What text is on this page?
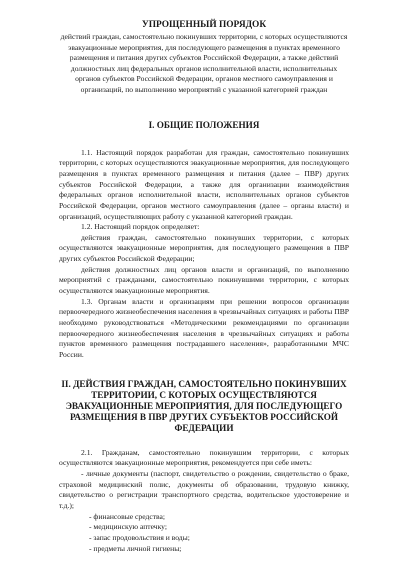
УПРОЩЕННЫЙ ПОРЯДОК

действий граждан, самостоятельно покинувших территории, с которых осуществляются эвакуационные мероприятия, для последующего размещения в пунктах временного размещения и питания других субъектов Российской Федерации, а также действий должностных лиц федеральных органов исполнительной власти, исполнительных органов субъектов Российской Федерации, органов местного самоуправления и организаций, по выполнению мероприятий с указанной категорией граждан

I. ОБЩИЕ ПОЛОЖЕНИЯ

1.1. Настоящий порядок разработан для граждан, самостоятельно покинувших территории, с которых осуществляются эвакуационные мероприятия, для последующего размещения в пунктах временного размещения и питания (далее – ПВР) других субъектов Российской Федерации, а также для организации взаимодействия федеральных органов исполнительной власти, исполнительных органов субъектов Российской Федерации, органов местного самоуправления (далее – органы власти) и организаций, осуществляющих работу с указанной категорией граждан.

1.2. Настоящий порядок определяет:

действия граждан, самостоятельно покинувших территории, с которых осуществляются эвакуационные мероприятия, для последующего размещения в ПВР других субъектов Российской Федерации;

действия должностных лиц органов власти и организаций, по выполнению мероприятий с гражданами, самостоятельно покинувшими территории, с которых осуществляются эвакуационные мероприятия.

1.3. Органам власти и организациям при решении вопросов организации первоочередного жизнеобеспечения населения в чрезвычайных ситуациях и работы ПВР необходимо руководствоваться «Методическими рекомендациями по организации первоочередного жизнеобеспечения населения в чрезвычайных ситуациях и работы пунктов временного размещения пострадавшего населения», разработанными МЧС России.

II. ДЕЙСТВИЯ ГРАЖДАН, САМОСТОЯТЕЛЬНО ПОКИНУВШИХ ТЕРРИТОРИИ, С КОТОРЫХ ОСУЩЕСТВЛЯЮТСЯ ЭВАКУАЦИОННЫЕ МЕРОПРИЯТИЯ, ДЛЯ ПОСЛЕДУЮЩЕГО РАЗМЕЩЕНИЯ В ПВР ДРУГИХ СУБЪЕКТОВ РОССИЙСКОЙ ФЕДЕРАЦИИ

2.1. Гражданам, самостоятельно покинувшим территории, с которых осуществляются эвакуационные мероприятия, рекомендуется при себе иметь:

- личные документы (паспорт, свидетельство о рождении, свидетельство о браке, страховой медицинский полис, документы об образовании, трудовую книжку, свидетельство о регистрации транспортного средства, водительское удостоверение и т.д.);

- финансовые средства;

- медицинскую аптечку;

- запас продовольствия и воды;

- предметы личной гигиены;
